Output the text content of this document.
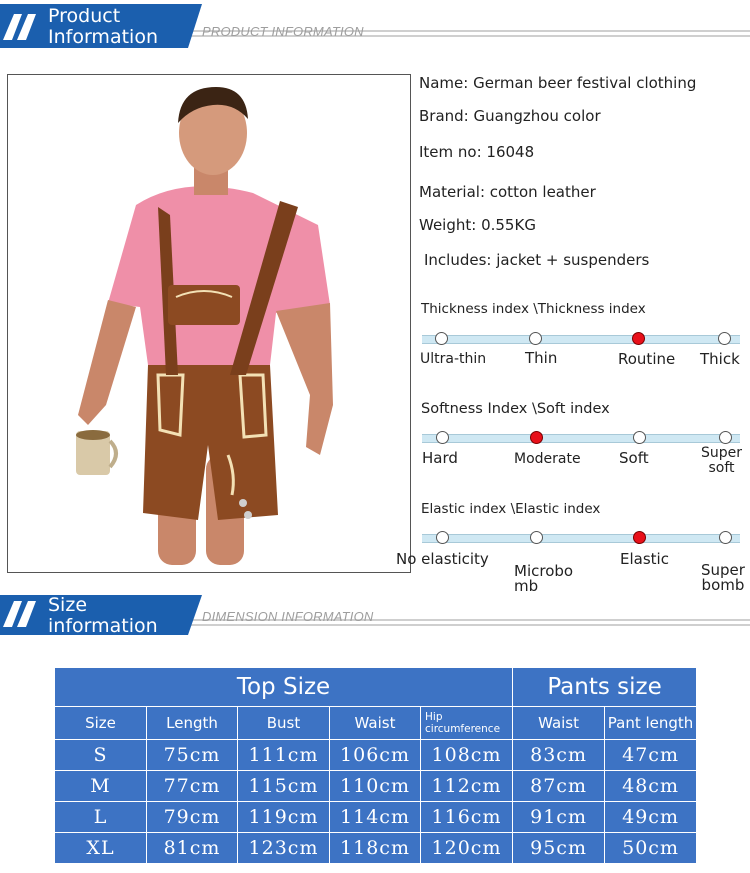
Product
Information	PRODUCT INFORMATION
Name: German beer festival clothing
Brand: Guangzhou color
Item no: 16048
Material: cotton leather
Weight: 0.55KG
Includes: jacket + suspenders
Thickness index \Thickness index
Ultra-thin	Thin	Routine Thick
Softness Index \Soft index
Hard	Moderate	Soft	Super
soft
Elastic index \Elastic index
No elasticity
Microbo
mb
Elastic
Super
bomb
Size
information	DIMENSION INFORMATION
Top Size					Pants size	
Size	Length	Bust	Waist	Hip circumference	Waist	Pant length
S	75cm	111cm	106cm	108cm	83cm	47cm
M	77cm	115cm	110cm	112cm	87cm	48cm
L	79cm	119cm	114cm	116cm	91cm	49cm
XL	81cm	123cm	118cm	120cm	95cm	50cm
